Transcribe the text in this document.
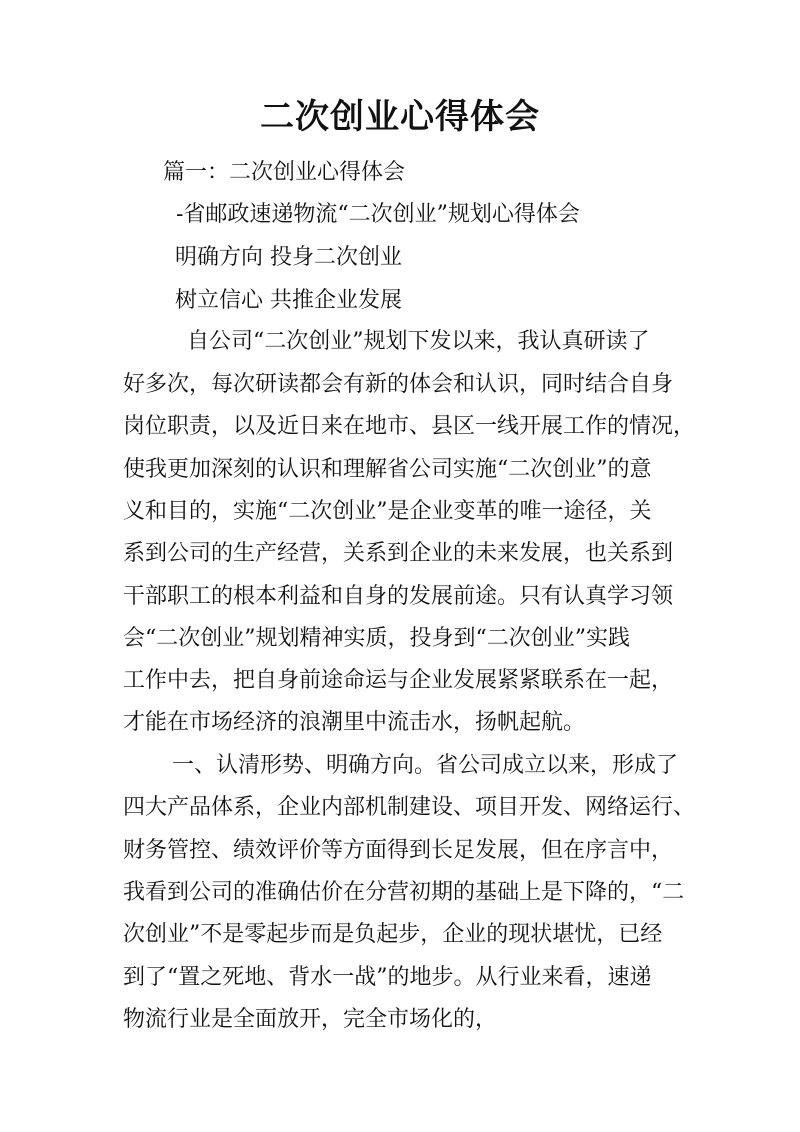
二次创业心得体会

篇一：二次创业心得体会

-省邮政速递物流“二次创业”规划心得体会

明确方向 投身二次创业

树立信心 共推企业发展

自公司“二次创业”规划下发以来，我认真研读了

好多次，每次研读都会有新的体会和认识，同时结合自身

岗位职责，以及近日来在地市、县区一线开展工作的情况，

使我更加深刻的认识和理解省公司实施“二次创业”的意

义和目的，实施“二次创业”是企业变革的唯一途径，关

系到公司的生产经营，关系到企业的未来发展，也关系到

干部职工的根本利益和自身的发展前途。只有认真学习领

会“二次创业”规划精神实质，投身到“二次创业”实践

工作中去，把自身前途命运与企业发展紧紧联系在一起，

才能在市场经济的浪潮里中流击水，扬帆起航。

一、认清形势、明确方向。省公司成立以来，形成了

四大产品体系，企业内部机制建设、项目开发、网络运行、

财务管控、绩效评价等方面得到长足发展，但在序言中，

我看到公司的准确估价在分营初期的基础上是下降的，“二

次创业”不是零起步而是负起步，企业的现状堪忧，已经

到了“置之死地、背水一战”的地步。从行业来看，速递

物流行业是全面放开，完全市场化的，
